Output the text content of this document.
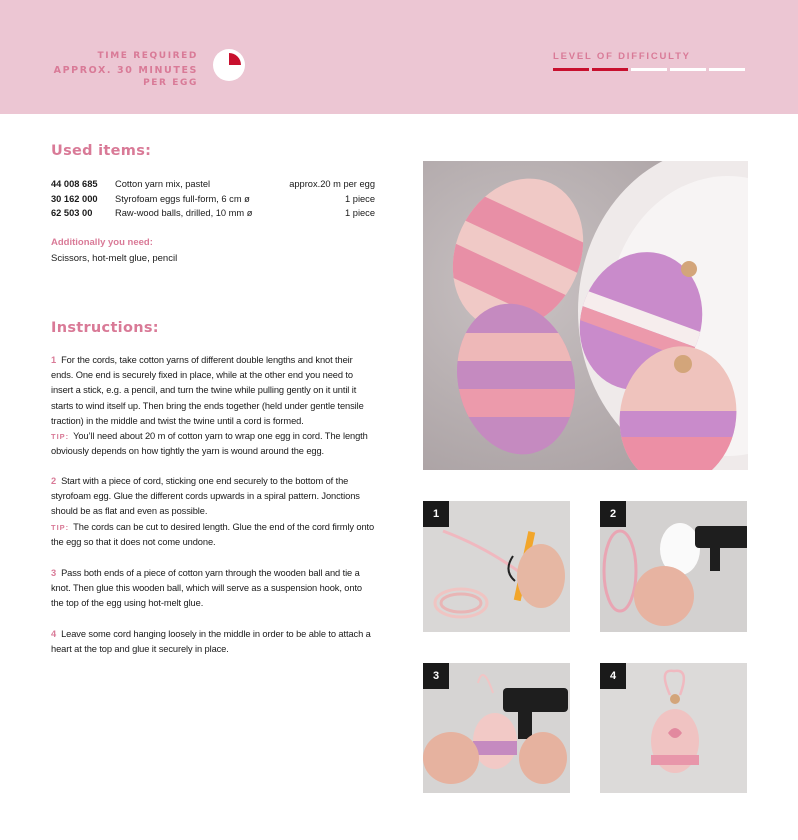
TIME REQUIRED
APPROX. 30 MINUTES
PER EGG
LEVEL OF DIFFICULTY
Used items:
44 008 685	Cotton yarn mix, pastel	approx.20 m per egg
30 162 000	Styrofoam eggs full-form, 6 cm ø	1 piece
62 503 00	Raw-wood balls, drilled, 10 mm ø	1 piece
Additionally you need:
Scissors, hot-melt glue, pencil
Instructions:
1 For the cords, take cotton yarns of different double lengths and knot their ends. One end is securely fixed in place, while at the other end you need to insert a stick, e.g. a pencil, and turn the twine while pulling gently on it until it starts to wind itself up. Then bring the ends together (held under gentle tensile traction) in the middle and twist the twine until a cord is formed.
TIP: You’ll need about 20 m of cotton yarn to wrap one egg in cord. The length obviously depends on how tightly the yarn is wound around the egg.
2 Start with a piece of cord, sticking one end securely to the bottom of the styrofoam egg. Glue the different cords upwards in a spiral pattern. Jonctions should be as flat and even as possible.
TIP: The cords can be cut to desired length. Glue the end of the cord firmly onto the egg so that it does not come undone.
3 Pass both ends of a piece of cotton yarn through the wooden ball and tie a knot. Then glue this wooden ball, which will serve as a suspension hook, onto the top of the egg using hot-melt glue.
4 Leave some cord hanging loosely in the middle in order to be able to attach a heart at the top and glue it securely in place.
1	2
3	4
